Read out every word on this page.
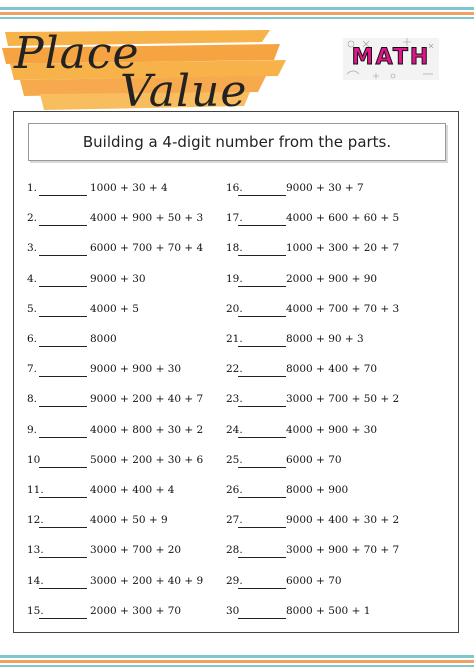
Place
Value
MATH
Building a 4-digit number from the parts.
1.	1000 + 30 + 4
2.	4000 + 900 + 50 + 3
3.	6000 + 700 + 70 + 4
4.	9000 + 30
5.	4000 + 5
6.	8000
7.	9000 + 900 + 30
8.	9000 + 200 + 40 + 7
9.	4000 + 800 + 30 + 2
10	5000 + 200 + 30 + 6
11.	4000 + 400 + 4
12.	4000 + 50 + 9
13.	3000 + 700 + 20
14.	3000 + 200 + 40 + 9
15.	2000 + 300 + 70
16.	9000 + 30 + 7
17.	4000 + 600 + 60 + 5
18.	1000 + 300 + 20 + 7
19.	2000 + 900 + 90
20.	4000 + 700 + 70 + 3
21.	8000 + 90 + 3
22.	8000 + 400 + 70
23.	3000 + 700 + 50 + 2
24.	4000 + 900 + 30
25.	6000 + 70
26.	8000 + 900
27.	9000 + 400 + 30 + 2
28.	3000 + 900 + 70 + 7
29.	6000 + 70
30	8000 + 500 + 1
